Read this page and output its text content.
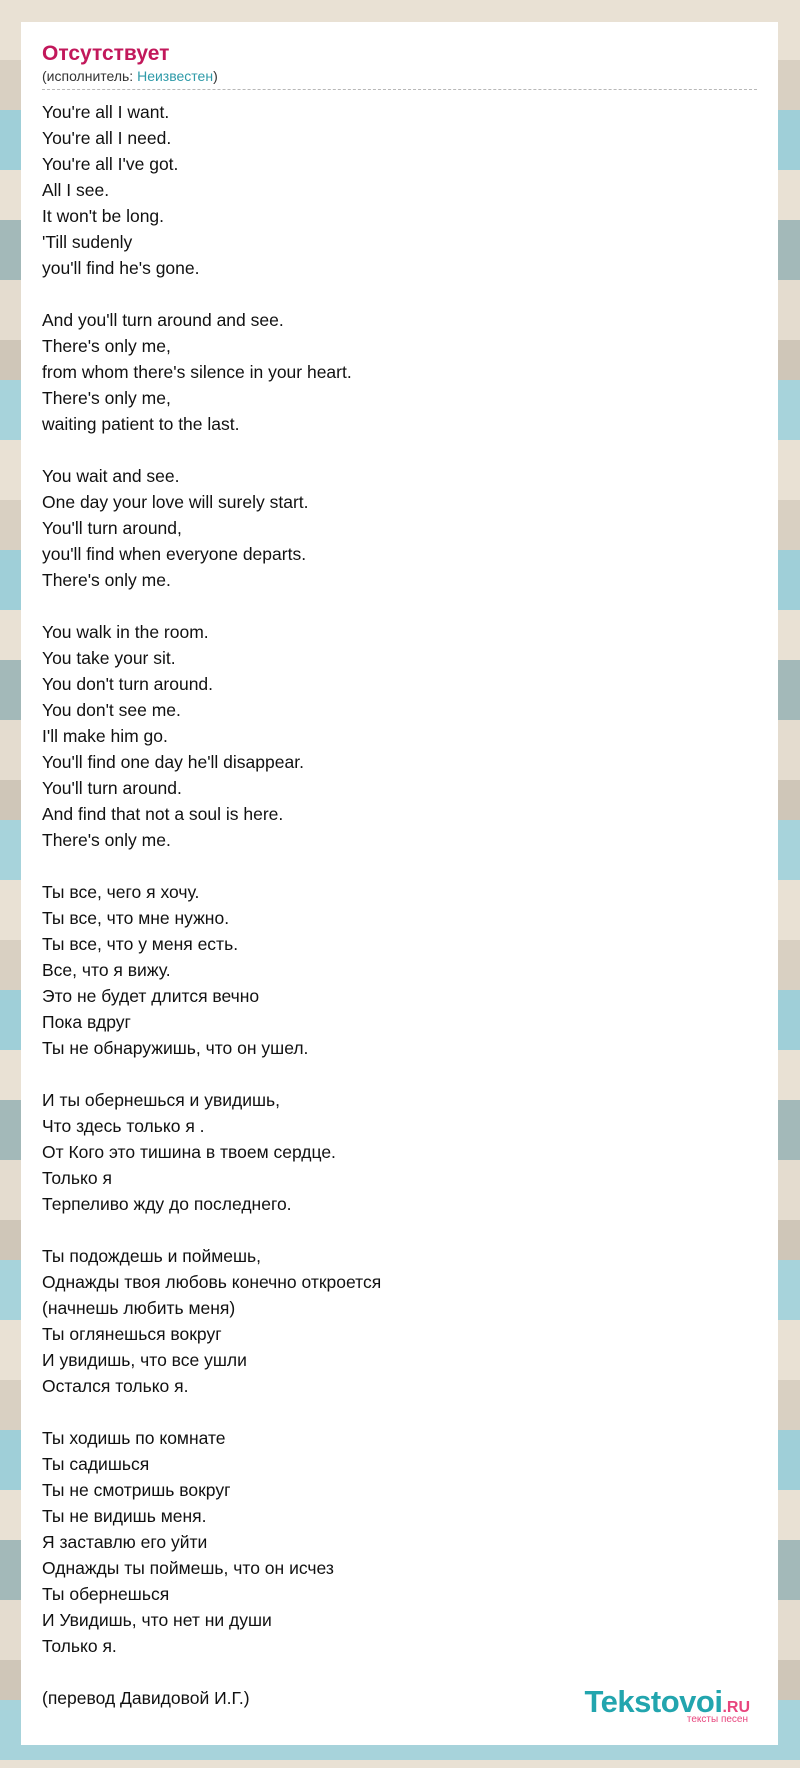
Отсутствует
(исполнитель: Неизвестен)
You're all I want.
You're all I need.
You're all I've got.
All I see.
It won't be long.
'Till sudenly
you'll find he's gone.
And you'll turn around and see.
There's only me,
from whom there's silence in your heart.
There's only me,
waiting patient to the last.
You wait and see.
One day your love will surely start.
You'll turn around,
you'll find when everyone departs.
There's only me.
You walk in the room.
You take your sit.
You don't turn around.
You don't see me.
I'll make him go.
You'll find one day he'll disappear.
You'll turn around.
And find that not a soul is here.
There's only me.
Ты все, чего я хочу.
Ты все, что мне нужно.
Ты все, что у меня есть.
Все, что я вижу.
Это не будет длится вечно
Пока вдруг
Ты не обнаружишь, что он ушел.
И ты обернешься и увидишь,
Что здесь только я .
От Кого это тишина в твоем сердце.
Только я
Терпеливо жду до последнего.
Ты подождешь и поймешь,
Однажды твоя любовь конечно откроется
(начнешь любить меня)
Ты оглянешься вокруг
И увидишь, что все ушли
Остался только я.
Ты ходишь по комнате
Ты садишься
Ты не смотришь вокруг
Ты не видишь меня.
Я заставлю его уйти
Однажды ты поймешь, что он исчез
Ты обернешься
И Увидишь, что нет ни души
Только я.
(перевод Давидовой И.Г.)	Tekstovoi.RU
тексты песен
